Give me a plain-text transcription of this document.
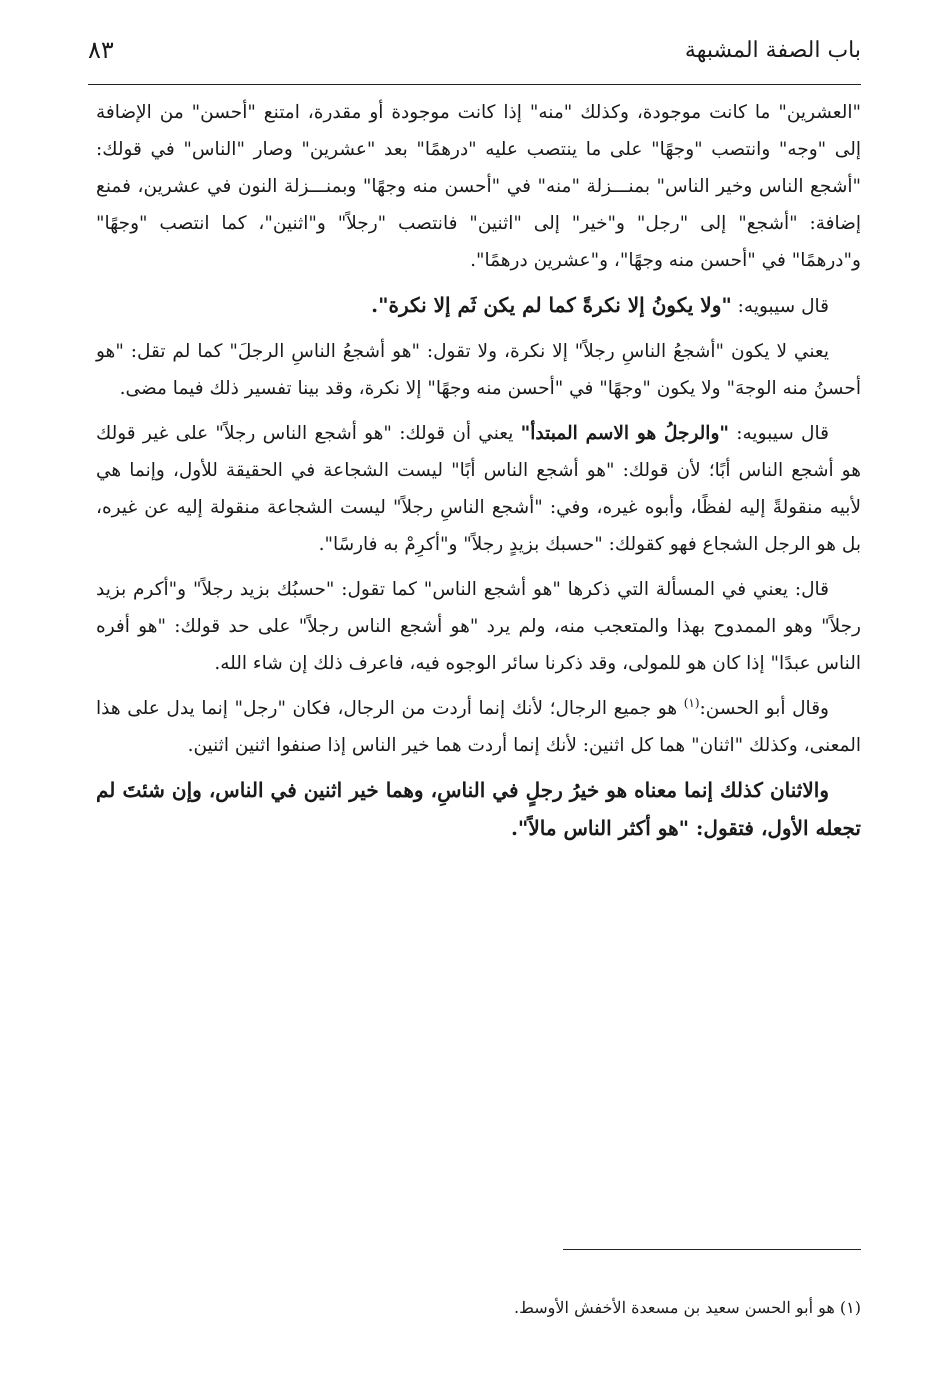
باب الصفة المشبهة
٨٣

"العشرين" ما كانت موجودة، وكذلك "منه" إذا كانت موجودة أو مقدرة، امتنع "أحسن" من الإضافة إلى "وجه" وانتصب "وجهًا" على ما ينتصب عليه "درهمًا" بعد "عشرين" وصار "الناس" في قولك: "أشجع الناس وخير الناس" بمنـــزلة "منه" في "أحسن منه وجهًا" وبمنـــزلة النون في عشرين، فمنع إضافة: "أشجع" إلى "رجل" و"خير" إلى "اثنين" فانتصب "رجلاً" و"اثنين"، كما انتصب "وجهًا" و"درهمًا" في "أحسن منه وجهًا"، و"عشرين درهمًا".

قال سيبويه: "ولا يكونُ إلا نكرةً كما لم يكن ثَم إلا نكرة".

يعني لا يكون "أشجعُ الناسِ رجلاً" إلا نكرة، ولا تقول: "هو أشجعُ الناسِ الرجلَ" كما لم تقل: "هو أحسنُ منه الوجهَ" ولا يكون "وجهًا" في "أحسن منه وجهًا" إلا نكرة، وقد بينا تفسير ذلك فيما مضى.

قال سيبويه: "والرجلُ هو الاسم المبتدأ" يعني أن قولك: "هو أشجع الناس رجلاً" على غير قولك هو أشجع الناس أبًا؛ لأن قولك: "هو أشجع الناس أبًا" ليست الشجاعة في الحقيقة للأول، وإنما هي لأبيه منقولةً إليه لفظًا، وأبوه غيره، وفي: "أشجع الناسِ رجلاً" ليست الشجاعة منقولة إليه عن غيره، بل هو الرجل الشجاع فهو كقولك: "حسبك بزيدٍ رجلاً" و"أكرِمْ به فارسًا".

قال: يعني في المسألة التي ذكرها "هو أشجع الناس" كما تقول: "حسبُك بزيد رجلاً" و"أكرم بزيد رجلاً" وهو الممدوح بهذا والمتعجب منه، ولم يرد "هو أشجع الناس رجلاً" على حد قولك: "هو أفره الناس عبدًا" إذا كان هو للمولى، وقد ذكرنا سائر الوجوه فيه، فاعرف ذلك إن شاء الله.

وقال أبو الحسن:$^{(١)}$ هو جميع الرجال؛ لأنك إنما أردت من الرجال، فكان "رجل" إنما يدل على هذا المعنى، وكذلك "اثنان" هما كل اثنين: لأنك إنما أردت هما خير الناس إذا صنفوا اثنين اثنين.

والاثنان كذلك إنما معناه هو خيرُ رجلٍ في الناسِ، وهما خير اثنين في الناس، وإن شئتَ لم تجعله الأول، فتقول: "هو أكثر الناس مالاً".

(١) هو أبو الحسن سعيد بن مسعدة الأخفش الأوسط.
